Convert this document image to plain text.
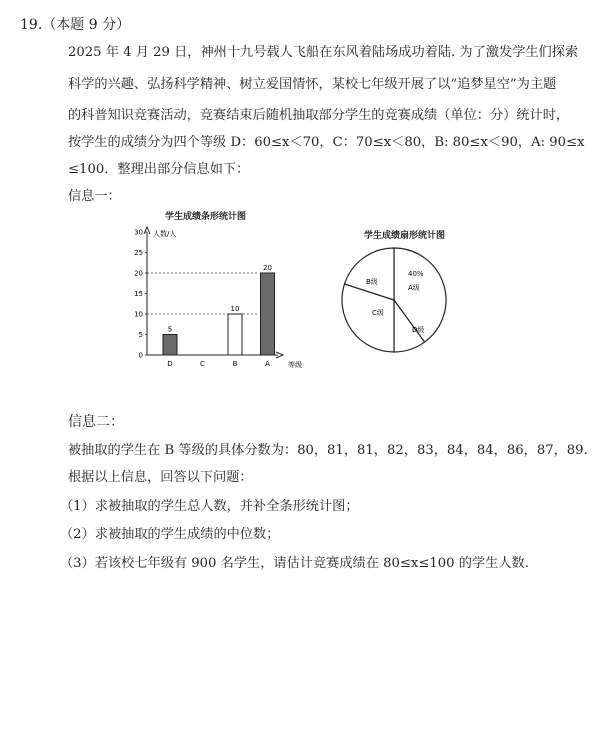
19.（本题 9 分）
2025 年 4 月 29 日，神州十九号载人飞船在东风着陆场成功着陆. 为了激发学生们探索
科学的兴趣、弘扬科学精神、树立爱国情怀，某校七年级开展了以“追梦星空”为主题
的科普知识竞赛活动，竞赛结束后随机抽取部分学生的竞赛成绩（单位：分）统计时，
按学生的成绩分为四个等级 D：60≤x＜70，C：70≤x＜80，B: 80≤x＜90，A: 90≤x
≤100．整理出部分信息如下：
信息一：
学生成绩条形统计图
0
5
10
15
20
25
30
5
10
20
D	C	B	A
人数/人
等级
学生成绩扇形统计图
B级
40%
A级
C级
D级
信息二：
被抽取的学生在 B 等级的具体分数为：80，81，81，82，83，84，84，86，87，89.
根据以上信息，回答以下问题：
（1）求被抽取的学生总人数，并补全条形统计图；
（2）求被抽取的学生成绩的中位数；
（3）若该校七年级有 900 名学生，请估计竞赛成绩在 80≤x≤100 的学生人数.
